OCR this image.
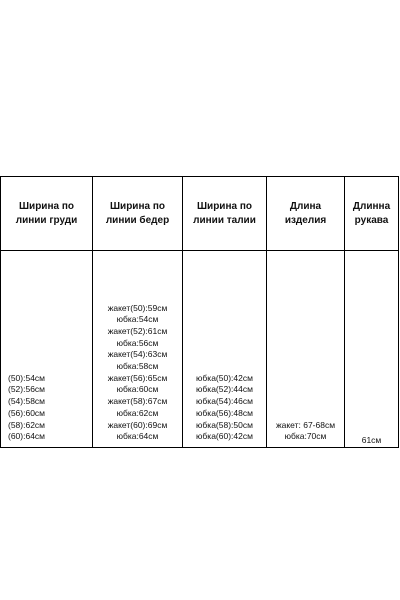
Ширина по линии груди
Ширина по линии бедер
Ширина по линии талии
Длина изделия
Длинна рукава
(50):54см
(52):56см
(54):58см
(56):60см
(58):62см
(60):64см
жакет(50):59см
юбка:54см
жакет(52):61см
юбка:56см
жакет(54):63см
юбка:58см
жакет(56):65см
юбка:60см
жакет(58):67см
юбка:62см
жакет(60):69см
юбка:64см
юбка(50):42см
юбка(52):44см
юбка(54):46см
юбка(56):48см
юбка(58):50см
юбка(60):42см
жакет: 67-68см
юбка:70см	61см
